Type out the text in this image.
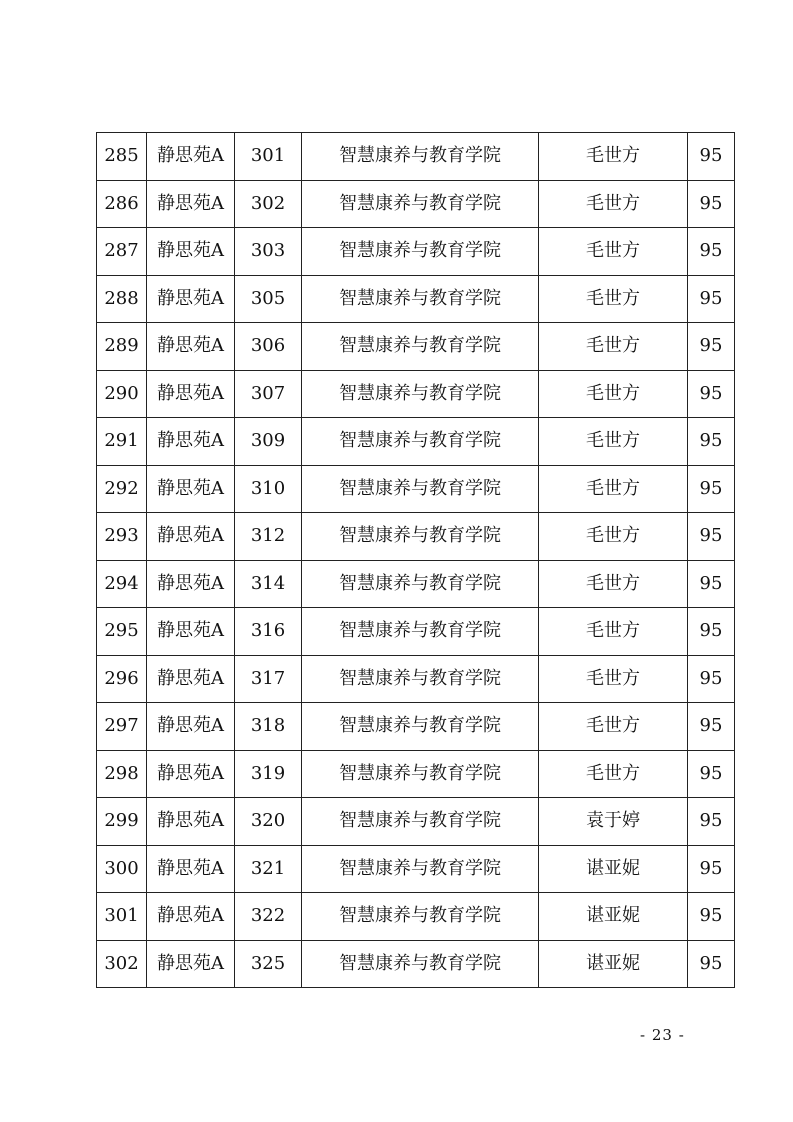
285	静思苑A	301	智慧康养与教育学院	毛世方	95
286	静思苑A	302	智慧康养与教育学院	毛世方	95
287	静思苑A	303	智慧康养与教育学院	毛世方	95
288	静思苑A	305	智慧康养与教育学院	毛世方	95
289	静思苑A	306	智慧康养与教育学院	毛世方	95
290	静思苑A	307	智慧康养与教育学院	毛世方	95
291	静思苑A	309	智慧康养与教育学院	毛世方	95
292	静思苑A	310	智慧康养与教育学院	毛世方	95
293	静思苑A	312	智慧康养与教育学院	毛世方	95
294	静思苑A	314	智慧康养与教育学院	毛世方	95
295	静思苑A	316	智慧康养与教育学院	毛世方	95
296	静思苑A	317	智慧康养与教育学院	毛世方	95
297	静思苑A	318	智慧康养与教育学院	毛世方	95
298	静思苑A	319	智慧康养与教育学院	毛世方	95
299	静思苑A	320	智慧康养与教育学院	袁于婷	95
300	静思苑A	321	智慧康养与教育学院	谌亚妮	95
301	静思苑A	322	智慧康养与教育学院	谌亚妮	95
302	静思苑A	325	智慧康养与教育学院	谌亚妮	95
- 23 -
